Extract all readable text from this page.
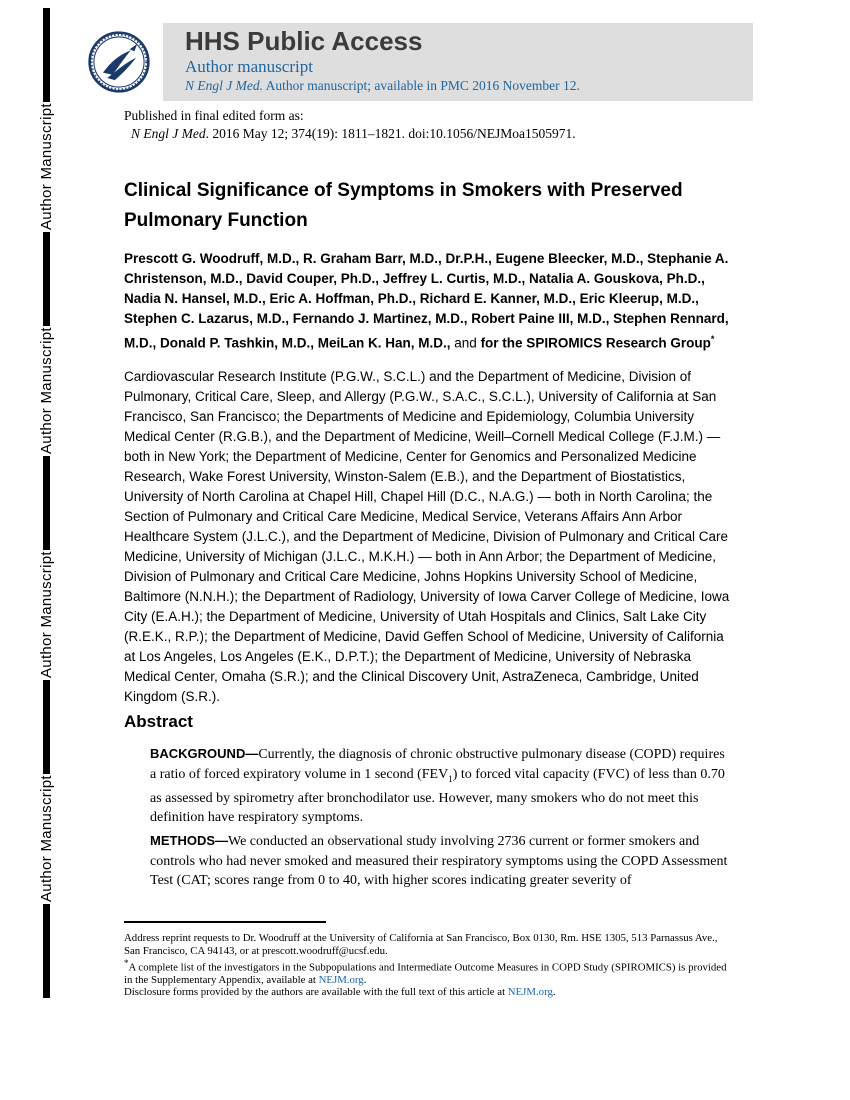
Author Manuscript
Author Manuscript
Author Manuscript
Author Manuscript
HHS Public Access
Author manuscript
N Engl J Med. Author manuscript; available in PMC 2016 November 12.
Published in final edited form as:
N Engl J Med. 2016 May 12; 374(19): 1811–1821. doi:10.1056/NEJMoa1505971.
Clinical Significance of Symptoms in Smokers with Preserved Pulmonary Function
Prescott G. Woodruff, M.D., R. Graham Barr, M.D., Dr.P.H., Eugene Bleecker, M.D., Stephanie A. Christenson, M.D., David Couper, Ph.D., Jeffrey L. Curtis, M.D., Natalia A. Gouskova, Ph.D., Nadia N. Hansel, M.D., Eric A. Hoffman, Ph.D., Richard E. Kanner, M.D., Eric Kleerup, M.D., Stephen C. Lazarus, M.D., Fernando J. Martinez, M.D., Robert Paine III, M.D., Stephen Rennard, M.D., Donald P. Tashkin, M.D., MeiLan K. Han, M.D., and for the SPIROMICS Research Group*
Cardiovascular Research Institute (P.G.W., S.C.L.) and the Department of Medicine, Division of Pulmonary, Critical Care, Sleep, and Allergy (P.G.W., S.A.C., S.C.L.), University of California at San Francisco, San Francisco; the Departments of Medicine and Epidemiology, Columbia University Medical Center (R.G.B.), and the Department of Medicine, Weill–Cornell Medical College (F.J.M.) — both in New York; the Department of Medicine, Center for Genomics and Personalized Medicine Research, Wake Forest University, Winston-Salem (E.B.), and the Department of Biostatistics, University of North Carolina at Chapel Hill, Chapel Hill (D.C., N.A.G.) — both in North Carolina; the Section of Pulmonary and Critical Care Medicine, Medical Service, Veterans Affairs Ann Arbor Healthcare System (J.L.C.), and the Department of Medicine, Division of Pulmonary and Critical Care Medicine, University of Michigan (J.L.C., M.K.H.) — both in Ann Arbor; the Department of Medicine, Division of Pulmonary and Critical Care Medicine, Johns Hopkins University School of Medicine, Baltimore (N.N.H.); the Department of Radiology, University of Iowa Carver College of Medicine, Iowa City (E.A.H.); the Department of Medicine, University of Utah Hospitals and Clinics, Salt Lake City (R.E.K., R.P.); the Department of Medicine, David Geffen School of Medicine, University of California at Los Angeles, Los Angeles (E.K., D.P.T.); the Department of Medicine, University of Nebraska Medical Center, Omaha (S.R.); and the Clinical Discovery Unit, AstraZeneca, Cambridge, United Kingdom (S.R.).
Abstract

BACKGROUND—Currently, the diagnosis of chronic obstructive pulmonary disease (COPD) requires a ratio of forced expiratory volume in 1 second $(FEV_1)$ to forced vital capacity (FVC) of less than 0.70 as assessed by spirometry after bronchodilator use. However, many smokers who do not meet this definition have respiratory symptoms.

METHODS—We conducted an observational study involving 2736 current or former smokers and controls who had never smoked and measured their respiratory symptoms using the COPD Assessment Test (CAT; scores range from 0 to 40, with higher scores indicating greater severity of

Address reprint requests to Dr. Woodruff at the University of California at San Francisco, Box 0130, Rm. HSE 1305, 513 Parnassus Ave., San Francisco, CA 94143, or at prescott.woodruff@ucsf.edu.

*A complete list of the investigators in the Subpopulations and Intermediate Outcome Measures in COPD Study (SPIROMICS) is provided in the Supplementary Appendix, available at NEJM.org.

Disclosure forms provided by the authors are available with the full text of this article at NEJM.org.
